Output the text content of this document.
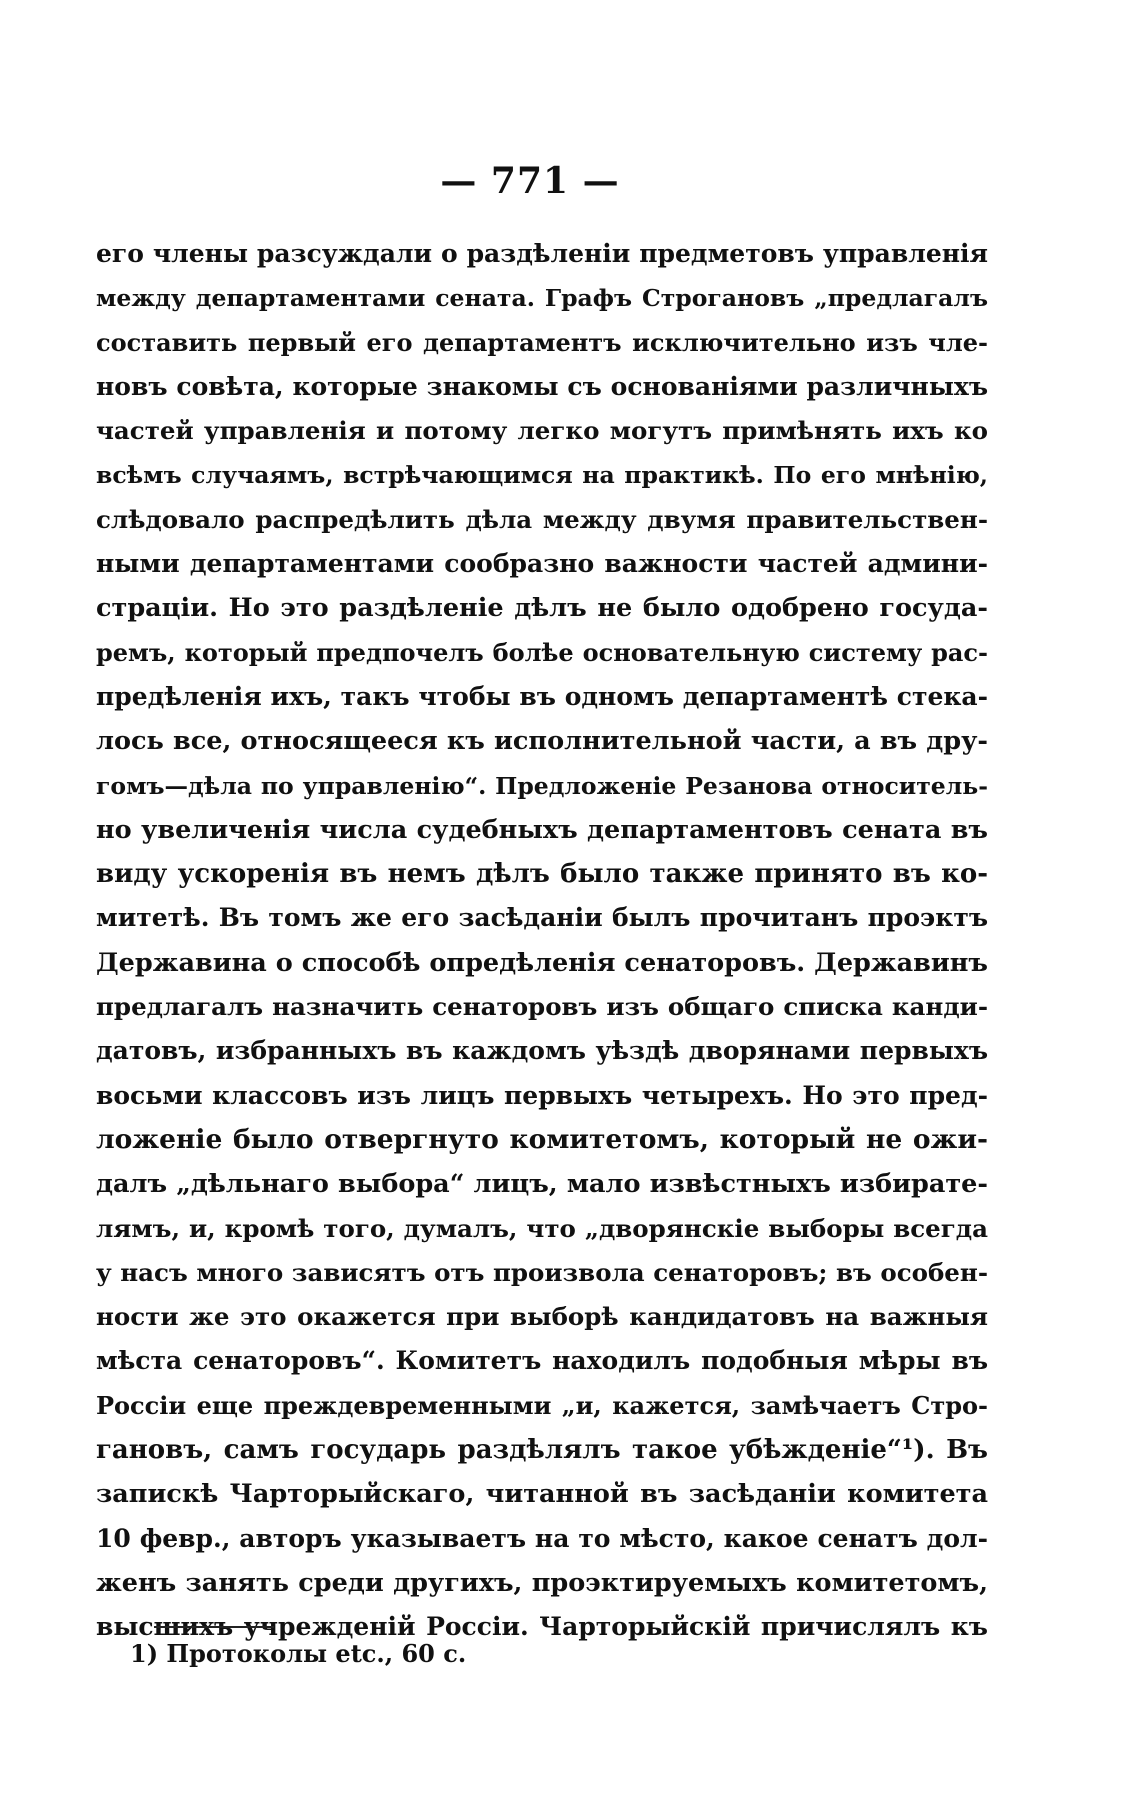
— 771 —
его члены разсуждали о раздѣленіи предметовъ управленія
между департаментами сената. Графъ Строгановъ „предлагалъ
составить первый его департаментъ исключительно изъ чле-
новъ совѣта, которые знакомы съ основаніями различныхъ
частей управленія и потому легко могутъ примѣнять ихъ ко
всѣмъ случаямъ, встрѣчающимся на практикѣ. По его мнѣнію,
слѣдовало распредѣлить дѣла между двумя правительствен-
ными департаментами сообразно важности частей админи-
страціи. Но это раздѣленіе дѣлъ не было одобрено госуда-
ремъ, который предпочелъ болѣе основательную систему рас-
предѣленія ихъ, такъ чтобы въ одномъ департаментѣ стека-
лось все, относящееся къ исполнительной части, а въ дру-
гомъ—дѣла по управленію“. Предложеніе Резанова относитель-
но увеличенія числа судебныхъ департаментовъ сената въ
виду ускоренія въ немъ дѣлъ было также принято въ ко-
митетѣ. Въ томъ же его засѣданіи былъ прочитанъ проэктъ
Державина о способѣ опредѣленія сенаторовъ. Державинъ
предлагалъ назначить сенаторовъ изъ общаго списка канди-
датовъ, избранныхъ въ каждомъ уѣздѣ дворянами первыхъ
восьми классовъ изъ лицъ первыхъ четырехъ. Но это пред-
ложеніе было отвергнуто комитетомъ, который не ожи-
далъ „дѣльнаго выбора“ лицъ, мало извѣстныхъ избирате-
лямъ, и, кромѣ того, думалъ, что „дворянскіе выборы всегда
у насъ много зависятъ отъ произвола сенаторовъ; въ особен-
ности же это окажется при выборѣ кандидатовъ на важныя
мѣста сенаторовъ“. Комитетъ находилъ подобныя мѣры въ
Россіи еще преждевременными „и, кажется, замѣчаетъ Стро-
гановъ, самъ государь раздѣлялъ такое убѣжденіе“¹). Въ
запискѣ Чарторыйскаго, читанной въ засѣданіи комитета
10 февр., авторъ указываетъ на то мѣсто, какое сенатъ дол-
женъ занять среди другихъ, проэктируемыхъ комитетомъ,
высшихъ учрежденій Россіи. Чарторыйскій причислялъ къ
1) Протоколы etc., 60 с.
